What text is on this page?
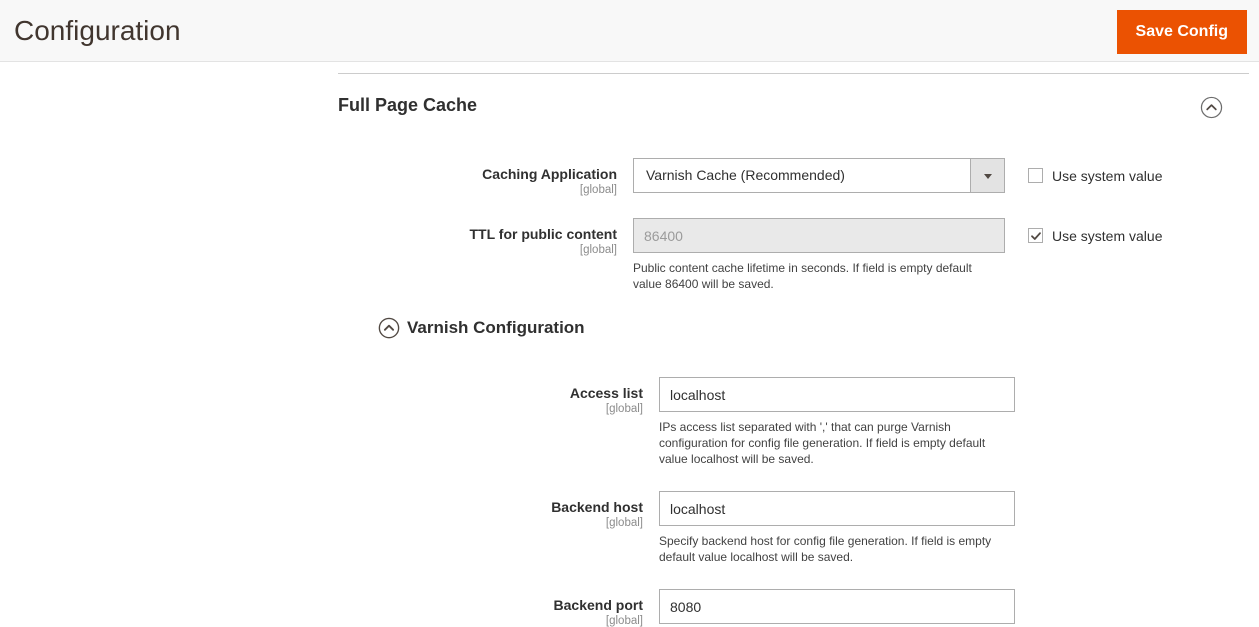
Configuration	Save Config
Full Page Cache
Caching Application
[global]
Varnish Cache (Recommended)	Use system value
TTL for public content
[global]
86400
Public content cache lifetime in seconds. If field is empty default value 86400 will be saved.
Use system value
Varnish Configuration
Access list
[global]
localhost
IPs access list separated with ',' that can purge Varnish configuration for config file generation. If field is empty default value localhost will be saved.
Backend host
[global]
localhost
Specify backend host for config file generation. If field is empty default value localhost will be saved.
Backend port
[global]
8080
